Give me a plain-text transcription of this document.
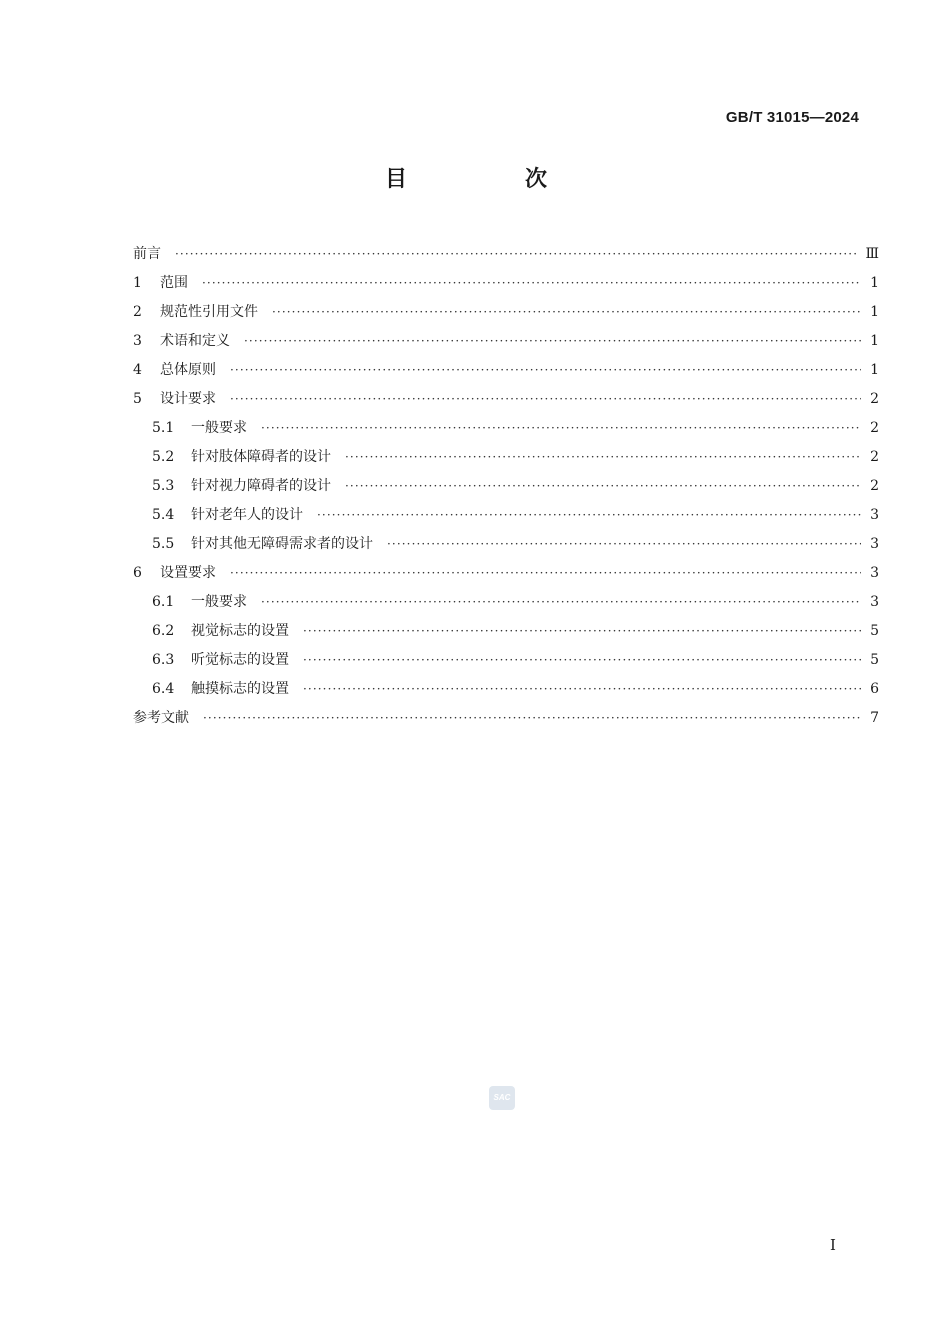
GB/T 31015—2024
目　次
前言 ·····	Ⅲ
1	范围 ·····	1
2	规范性引用文件 ·····	1
3	术语和定义 ·····	1
4	总体原则 ·····	1
5	设计要求 ·····	2
5.1	一般要求 ·····	2
5.2	针对肢体障碍者的设计 ·····	2
5.3	针对视力障碍者的设计 ·····	2
5.4	针对老年人的设计 ·····	3
5.5	针对其他无障碍需求者的设计 ·····	3
6	设置要求 ·····	3
6.1	一般要求 ·····	3
6.2	视觉标志的设置 ·····	5
6.3	听觉标志的设置 ·····	5
6.4	触摸标志的设置 ·····	6
参考文献 ·····	7
SAC
I
